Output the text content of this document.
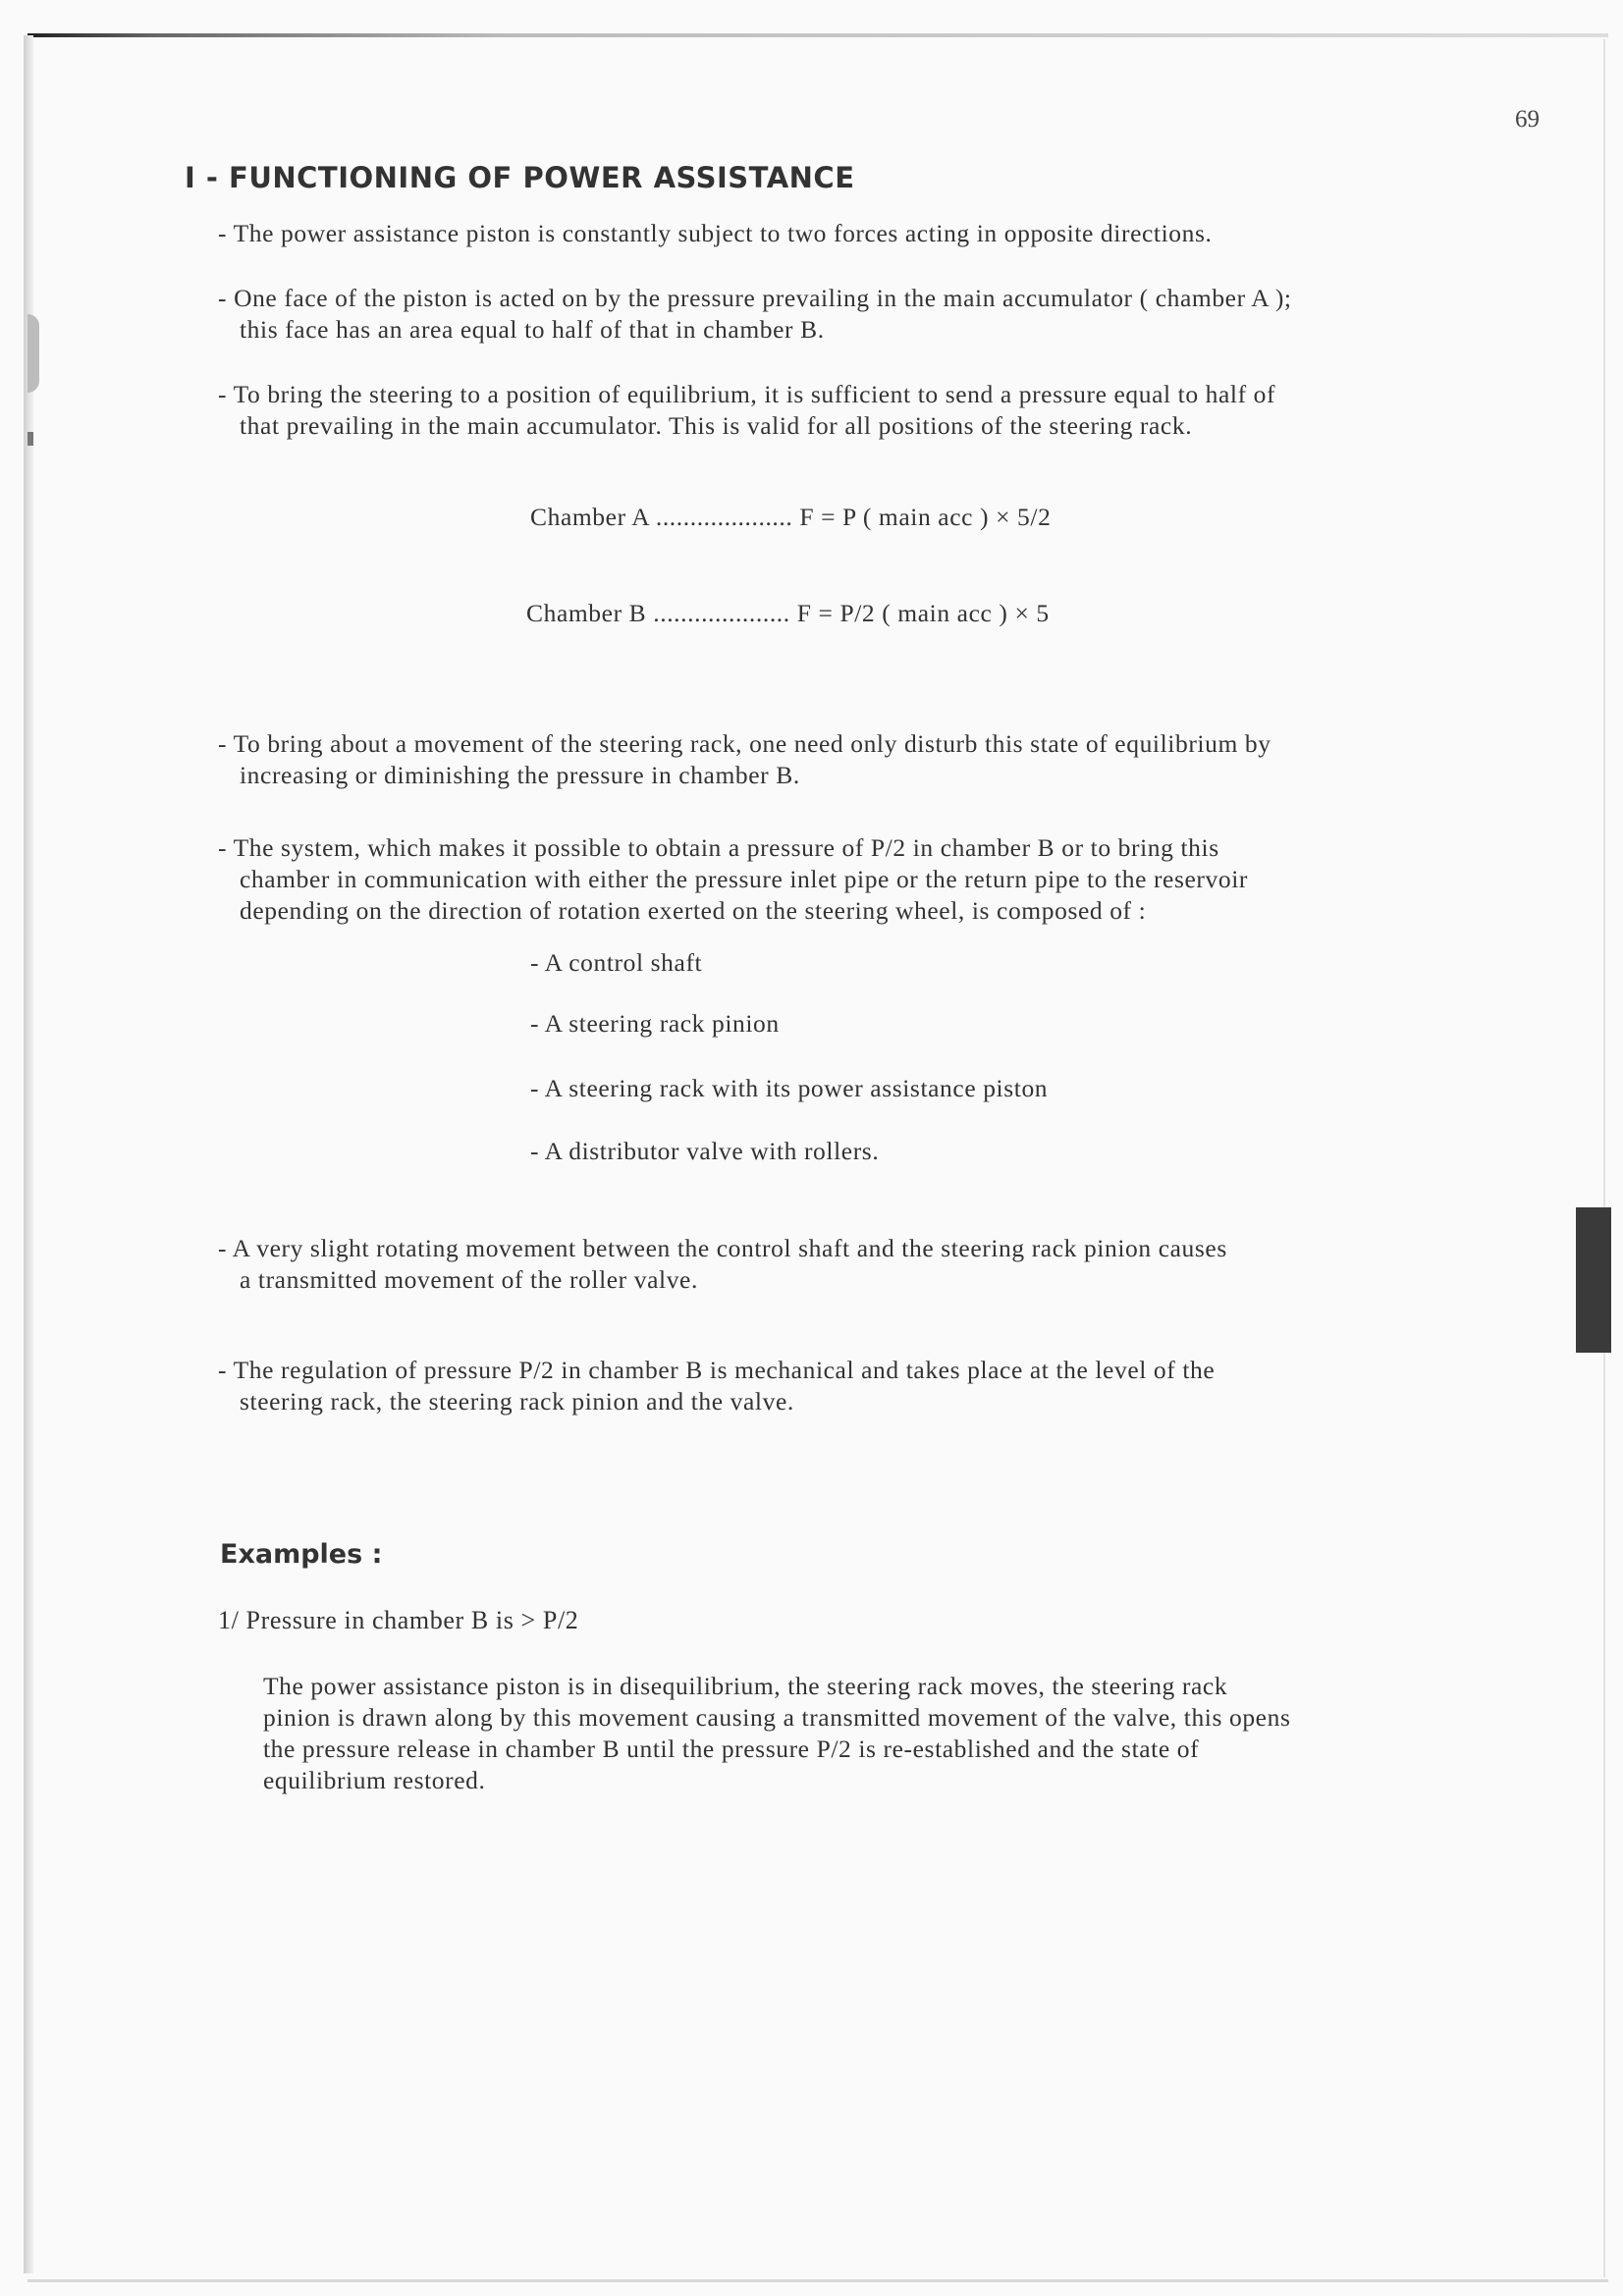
69
I - FUNCTIONING OF POWER ASSISTANCE
- The power assistance piston is constantly subject to two forces acting in opposite directions.
- One face of the piston is acted on by the pressure prevailing in the main accumulator ( chamber A );
this face has an area equal to half of that in chamber B.
- To bring the steering to a position of equilibrium, it is sufficient to send a pressure equal to half of
that prevailing in the main accumulator. This is valid for all positions of the steering rack.
Chamber A .................... F = P ( main acc ) × 5/2
Chamber B .................... F = P/2 ( main acc ) × 5
- To bring about a movement of the steering rack, one need only disturb this state of equilibrium by
increasing or diminishing the pressure in chamber B.
- The system, which makes it possible to obtain a pressure of P/2 in chamber B or to bring this
chamber in communication with either the pressure inlet pipe or the return pipe to the reservoir
depending on the direction of rotation exerted on the steering wheel, is composed of :
- A control shaft
- A steering rack pinion
- A steering rack with its power assistance piston
- A distributor valve with rollers.
- A very slight rotating movement between the control shaft and the steering rack pinion causes
a transmitted movement of the roller valve.
- The regulation of pressure P/2 in chamber B is mechanical and takes place at the level of the
steering rack, the steering rack pinion and the valve.
Examples :
1/ Pressure in chamber B is > P/2
The power assistance piston is in disequilibrium, the steering rack moves, the steering rack
pinion is drawn along by this movement causing a transmitted movement of the valve, this opens
the pressure release in chamber B until the pressure P/2 is re-established and the state of
equilibrium restored.
